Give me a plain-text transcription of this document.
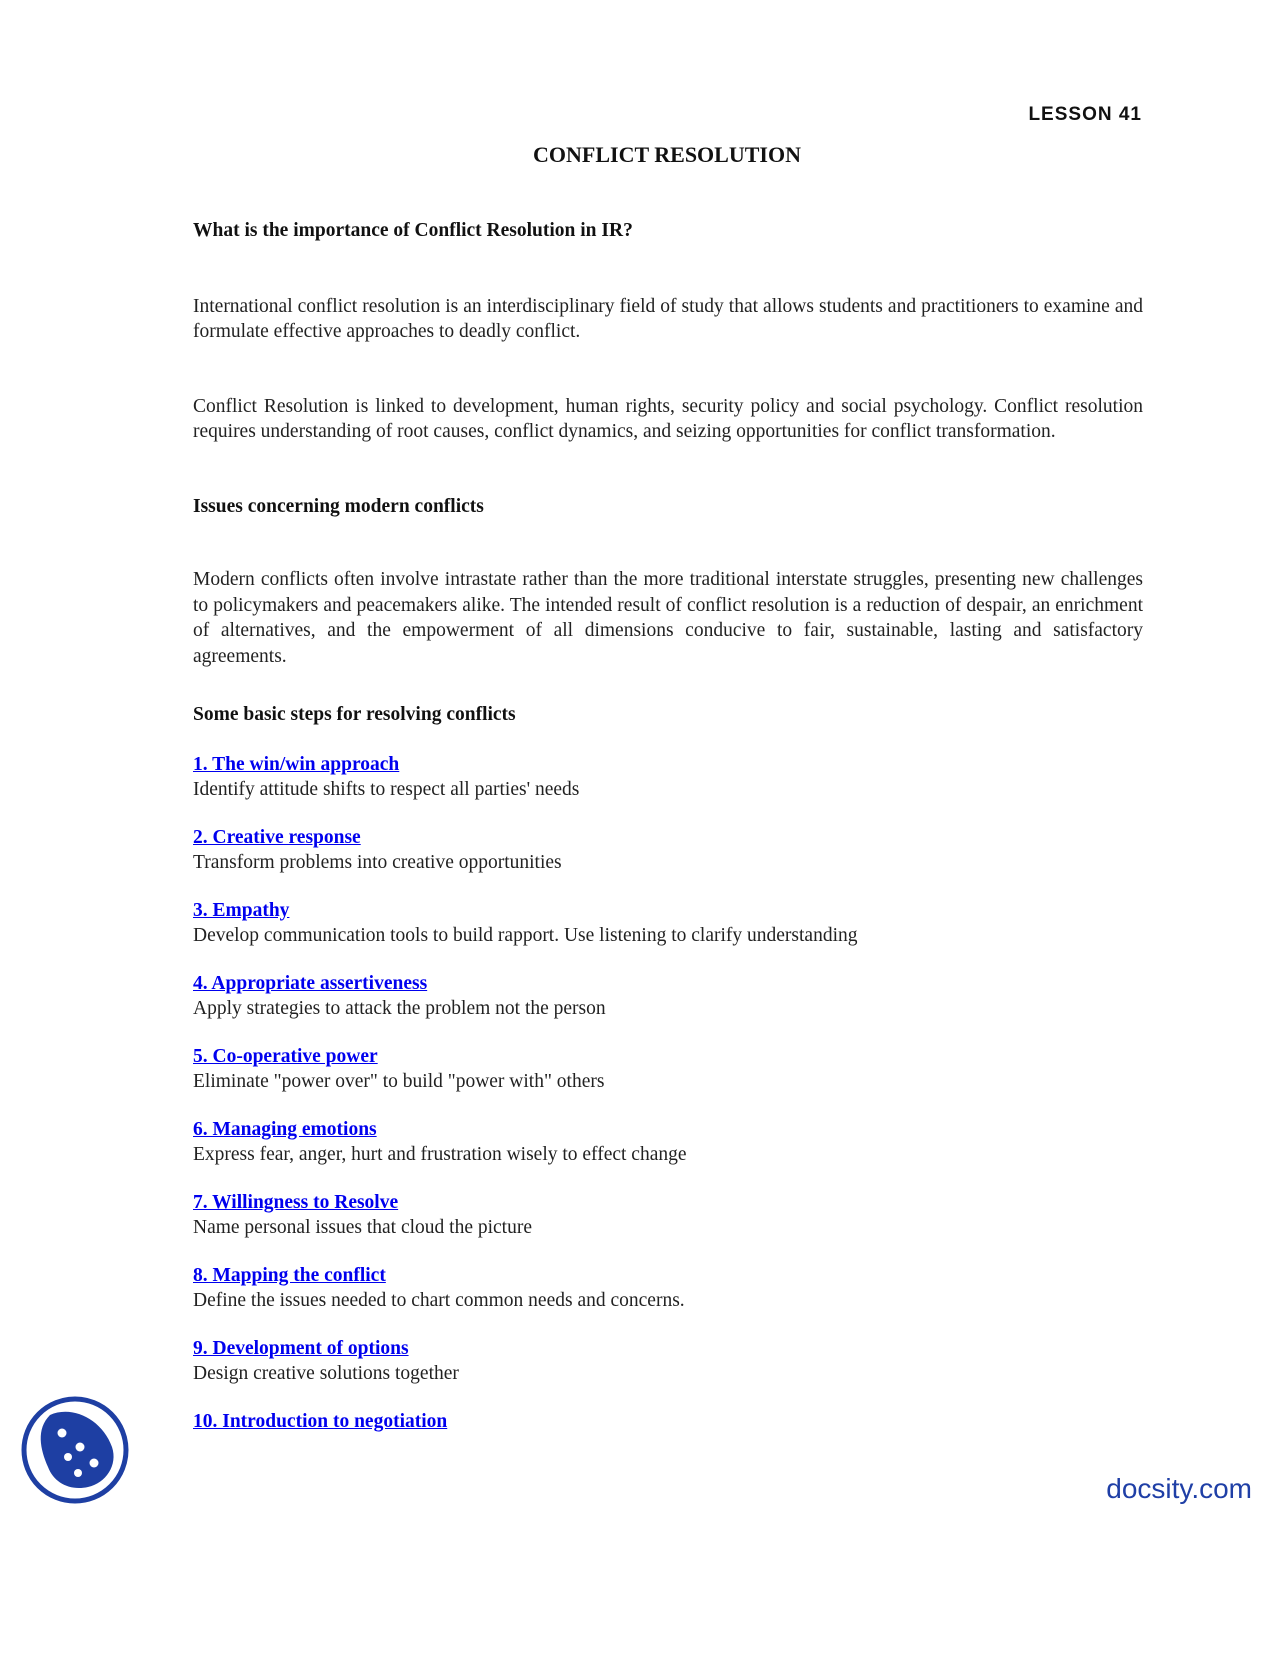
LESSON 41
CONFLICT RESOLUTION

What is the importance of Conflict Resolution in IR?

International conflict resolution is an interdisciplinary field of study that allows students and practitioners to examine and formulate effective approaches to deadly conflict.

Conflict Resolution is linked to development, human rights, security policy and social psychology. Conflict resolution requires understanding of root causes, conflict dynamics, and seizing opportunities for conflict transformation.

Issues concerning modern conflicts

Modern conflicts often involve intrastate rather than the more traditional interstate struggles, presenting new challenges to policymakers and peacemakers alike. The intended result of conflict resolution is a reduction of despair, an enrichment of alternatives, and the empowerment of all dimensions conducive to fair, sustainable, lasting and satisfactory agreements.

Some basic steps for resolving conflicts

1. The win/win approach
Identify attitude shifts to respect all parties' needs
2. Creative response
Transform problems into creative opportunities
3. Empathy
Develop communication tools to build rapport. Use listening to clarify understanding
4. Appropriate assertiveness
Apply strategies to attack the problem not the person
5. Co-operative power
Eliminate "power over" to build "power with" others
6. Managing emotions
Express fear, anger, hurt and frustration wisely to effect change
7. Willingness to Resolve
Name personal issues that cloud the picture
8. Mapping the conflict
Define the issues needed to chart common needs and concerns.
9. Development of options
Design creative solutions together
10. Introduction to negotiation
docsity.com
